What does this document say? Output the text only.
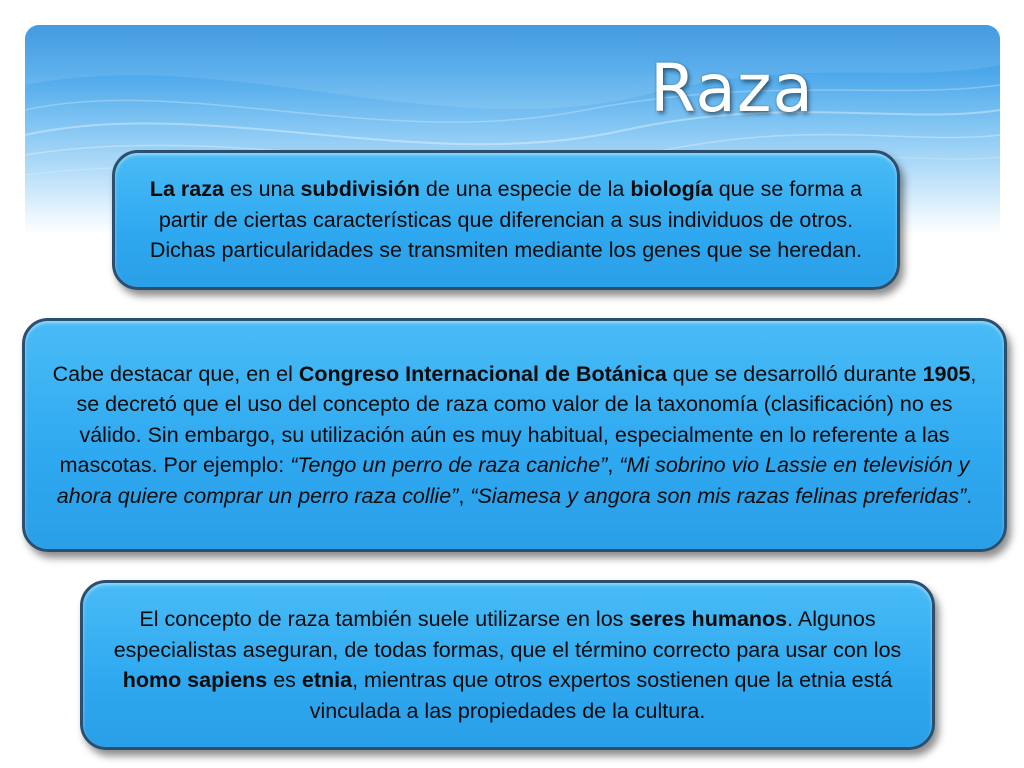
Raza

La raza es una subdivisión de una especie de la biología que se forma a partir de ciertas características que diferencian a sus individuos de otros. Dichas particularidades se transmiten mediante los genes que se heredan.

Cabe destacar que, en el Congreso Internacional de Botánica que se desarrolló durante 1905, se decretó que el uso del concepto de raza como valor de la taxonomía (clasificación) no es válido. Sin embargo, su utilización aún es muy habitual, especialmente en lo referente a las mascotas. Por ejemplo: “Tengo un perro de raza caniche”, “Mi sobrino vio Lassie en televisión y ahora quiere comprar un perro raza collie”, “Siamesa y angora son mis razas felinas preferidas”.

El concepto de raza también suele utilizarse en los seres humanos. Algunos especialistas aseguran, de todas formas, que el término correcto para usar con los homo sapiens es etnia, mientras que otros expertos sostienen que la etnia está vinculada a las propiedades de la cultura.
